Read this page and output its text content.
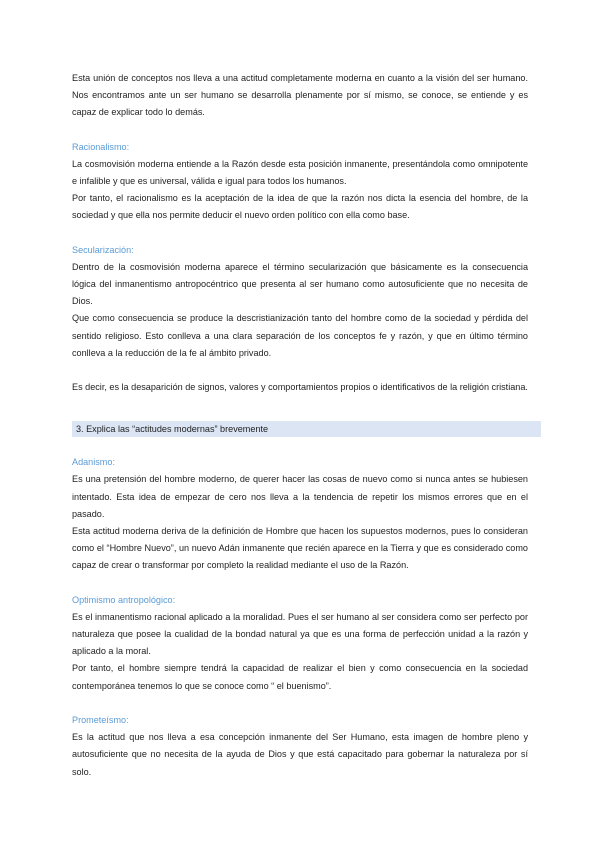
Esta unión de conceptos nos lleva a una actitud completamente moderna en cuanto a la visión del ser humano. Nos encontramos ante un ser humano se desarrolla plenamente por sí mismo, se conoce, se entiende y es capaz de explicar todo lo demás.

Racionalismo:

La cosmovisión moderna entiende a la Razón desde esta posición inmanente, presentándola como omnipotente e infalible y que es universal, válida e igual para todos los humanos.

Por tanto, el racionalismo es la aceptación de la idea de que la razón nos dicta la esencia del hombre, de la sociedad y que ella nos permite deducir el nuevo orden político con ella como base.

Secularización:

Dentro de la cosmovisión moderna aparece el término secularización que básicamente es la consecuencia lógica del inmanentismo antropocéntrico que presenta al ser humano como autosuficiente que no necesita de Dios.

Que como consecuencia se produce la descristianización tanto del hombre como de la sociedad y pérdida del sentido religioso. Esto conlleva a una clara separación de los conceptos fe y razón, y que en último término conlleva a la reducción de la fe al ámbito privado.

Es decir, es la desaparición de signos, valores y comportamientos propios o identificativos de la religión cristiana.

3. Explica las “actitudes modernas” brevemente

Adanismo:

Es una pretensión del hombre moderno, de querer hacer las cosas de nuevo como si nunca antes se hubiesen intentado. Esta idea de empezar de cero nos lleva a la tendencia de repetir los mismos errores que en el pasado.

Esta actitud moderna deriva de la definición de Hombre que hacen los supuestos modernos, pues lo consideran como el “Hombre Nuevo”, un nuevo Adán inmanente que recién aparece en la Tierra y que es considerado como capaz de crear o transformar por completo la realidad mediante el uso de la Razón.

Optimismo antropológico:

Es el inmanentismo racional aplicado a la moralidad. Pues el ser humano al ser considera como ser perfecto por naturaleza que posee la cualidad de la bondad natural ya que es una forma de perfección unidad a la razón y aplicado a la moral.

Por tanto, el hombre siempre tendrá la capacidad de realizar el bien y como consecuencia en la sociedad contemporánea tenemos lo que se conoce como “ el buenismo”.

Prometeísmo:

Es la actitud que nos lleva a esa concepción inmanente del Ser Humano, esta imagen de hombre pleno y autosuficiente que no necesita de la ayuda de Dios y que está capacitado para gobernar la naturaleza por sí solo.
